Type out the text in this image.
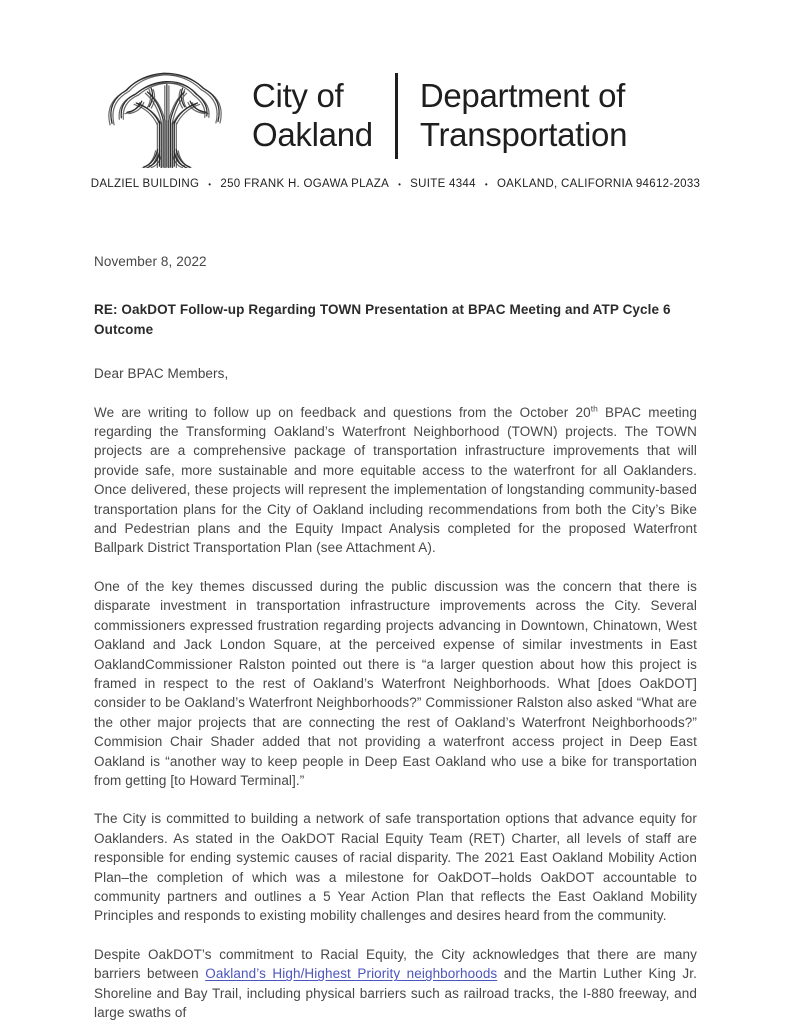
City of
Oakland
Department of
Transportation
DALZIEL BUILDING • 250 FRANK H. OGAWA PLAZA • SUITE 4344 • OAKLAND, CALIFORNIA 94612-2033
November 8, 2022
RE: OakDOT Follow-up Regarding TOWN Presentation at BPAC Meeting and ATP Cycle 6 Outcome
Dear BPAC Members,

We are writing to follow up on feedback and questions from the October 20th BPAC meeting regarding the Transforming Oakland’s Waterfront Neighborhood (TOWN) projects. The TOWN projects are a comprehensive package of transportation infrastructure improvements that will provide safe, more sustainable and more equitable access to the waterfront for all Oaklanders. Once delivered, these projects will represent the implementation of longstanding community-based transportation plans for the City of Oakland including recommendations from both the City’s Bike and Pedestrian plans and the Equity Impact Analysis completed for the proposed Waterfront Ballpark District Transportation Plan (see Attachment A).

One of the key themes discussed during the public discussion was the concern that there is disparate investment in transportation infrastructure improvements across the City. Several commissioners expressed frustration regarding projects advancing in Downtown, Chinatown, West Oakland and Jack London Square, at the perceived expense of similar investments in East OaklandCommissioner Ralston pointed out there is “a larger question about how this project is framed in respect to the rest of Oakland’s Waterfront Neighborhoods. What [does OakDOT] consider to be Oakland’s Waterfront Neighborhoods?” Commissioner Ralston also asked “What are the other major projects that are connecting the rest of Oakland’s Waterfront Neighborhoods?” Commision Chair Shader added that not providing a waterfront access project in Deep East Oakland is “another way to keep people in Deep East Oakland who use a bike for transportation from getting [to Howard Terminal].”

The City is committed to building a network of safe transportation options that advance equity for Oaklanders. As stated in the OakDOT Racial Equity Team (RET) Charter, all levels of staff are responsible for ending systemic causes of racial disparity. The 2021 East Oakland Mobility Action Plan–the completion of which was a milestone for OakDOT–holds OakDOT accountable to community partners and outlines a 5 Year Action Plan that reflects the East Oakland Mobility Principles and responds to existing mobility challenges and desires heard from the community.

Despite OakDOT’s commitment to Racial Equity, the City acknowledges that there are many barriers between Oakland’s High/Highest Priority neighborhoods and the Martin Luther King Jr. Shoreline and Bay Trail, including physical barriers such as railroad tracks, the I-880 freeway, and large swaths of
